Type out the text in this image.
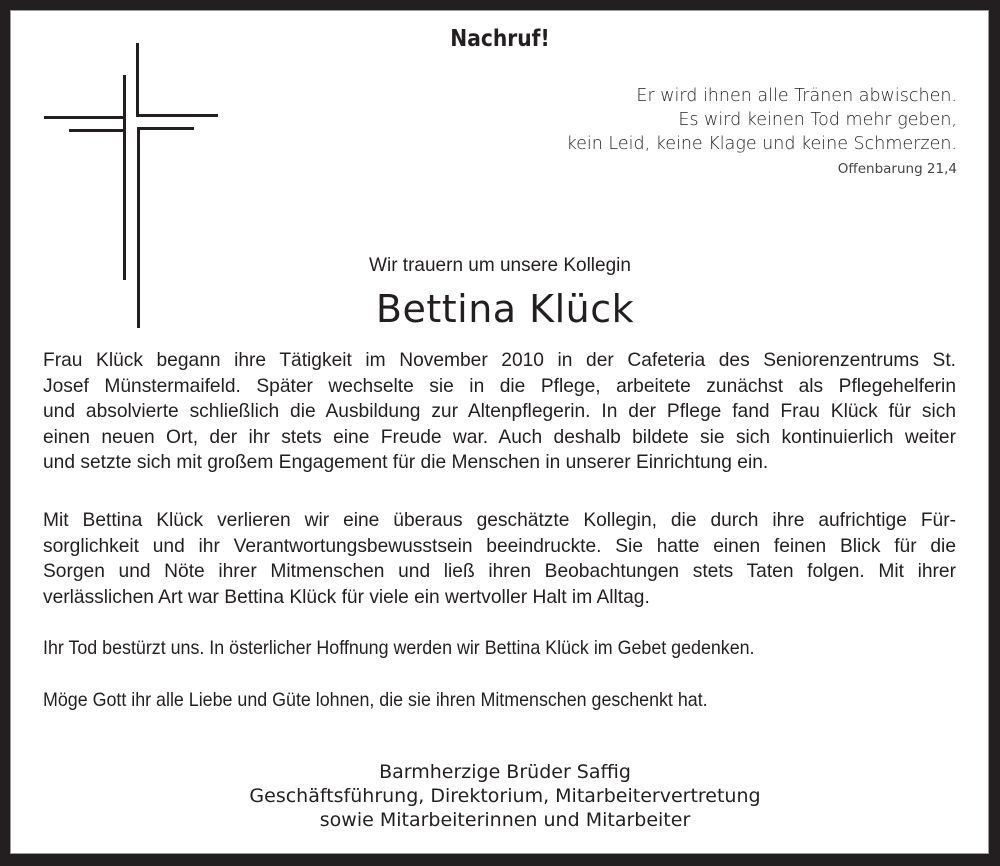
Nachruf!
Er wird ihnen alle Tränen abwischen.
Es wird keinen Tod mehr geben,
kein Leid, keine Klage und keine Schmerzen.
Offenbarung 21,4
Wir trauern um unsere Kollegin
Bettina Klück
Frau Klück begann ihre Tätigkeit im November 2010 in der Cafeteria des Seniorenzentrums St.
Josef Münstermaifeld. Später wechselte sie in die Pflege, arbeitete zunächst als Pflegehelferin
und absolvierte schließlich die Ausbildung zur Altenpflegerin. In der Pflege fand Frau Klück für sich
einen neuen Ort, der ihr stets eine Freude war. Auch deshalb bildete sie sich kontinuierlich weiter
und setzte sich mit großem Engagement für die Menschen in unserer Einrichtung ein.
Mit Bettina Klück verlieren wir eine überaus geschätzte Kollegin, die durch ihre aufrichtige Für-
sorglichkeit und ihr Verantwortungsbewusstsein beeindruckte. Sie hatte einen feinen Blick für die
Sorgen und Nöte ihrer Mitmenschen und ließ ihren Beobachtungen stets Taten folgen. Mit ihrer
verlässlichen Art war Bettina Klück für viele ein wertvoller Halt im Alltag.
Ihr Tod bestürzt uns. In österlicher Hoffnung werden wir Bettina Klück im Gebet gedenken.
Möge Gott ihr alle Liebe und Güte lohnen, die sie ihren Mitmenschen geschenkt hat.
Barmherzige Brüder Saffig
Geschäftsführung, Direktorium, Mitarbeitervertretung
sowie Mitarbeiterinnen und Mitarbeiter
